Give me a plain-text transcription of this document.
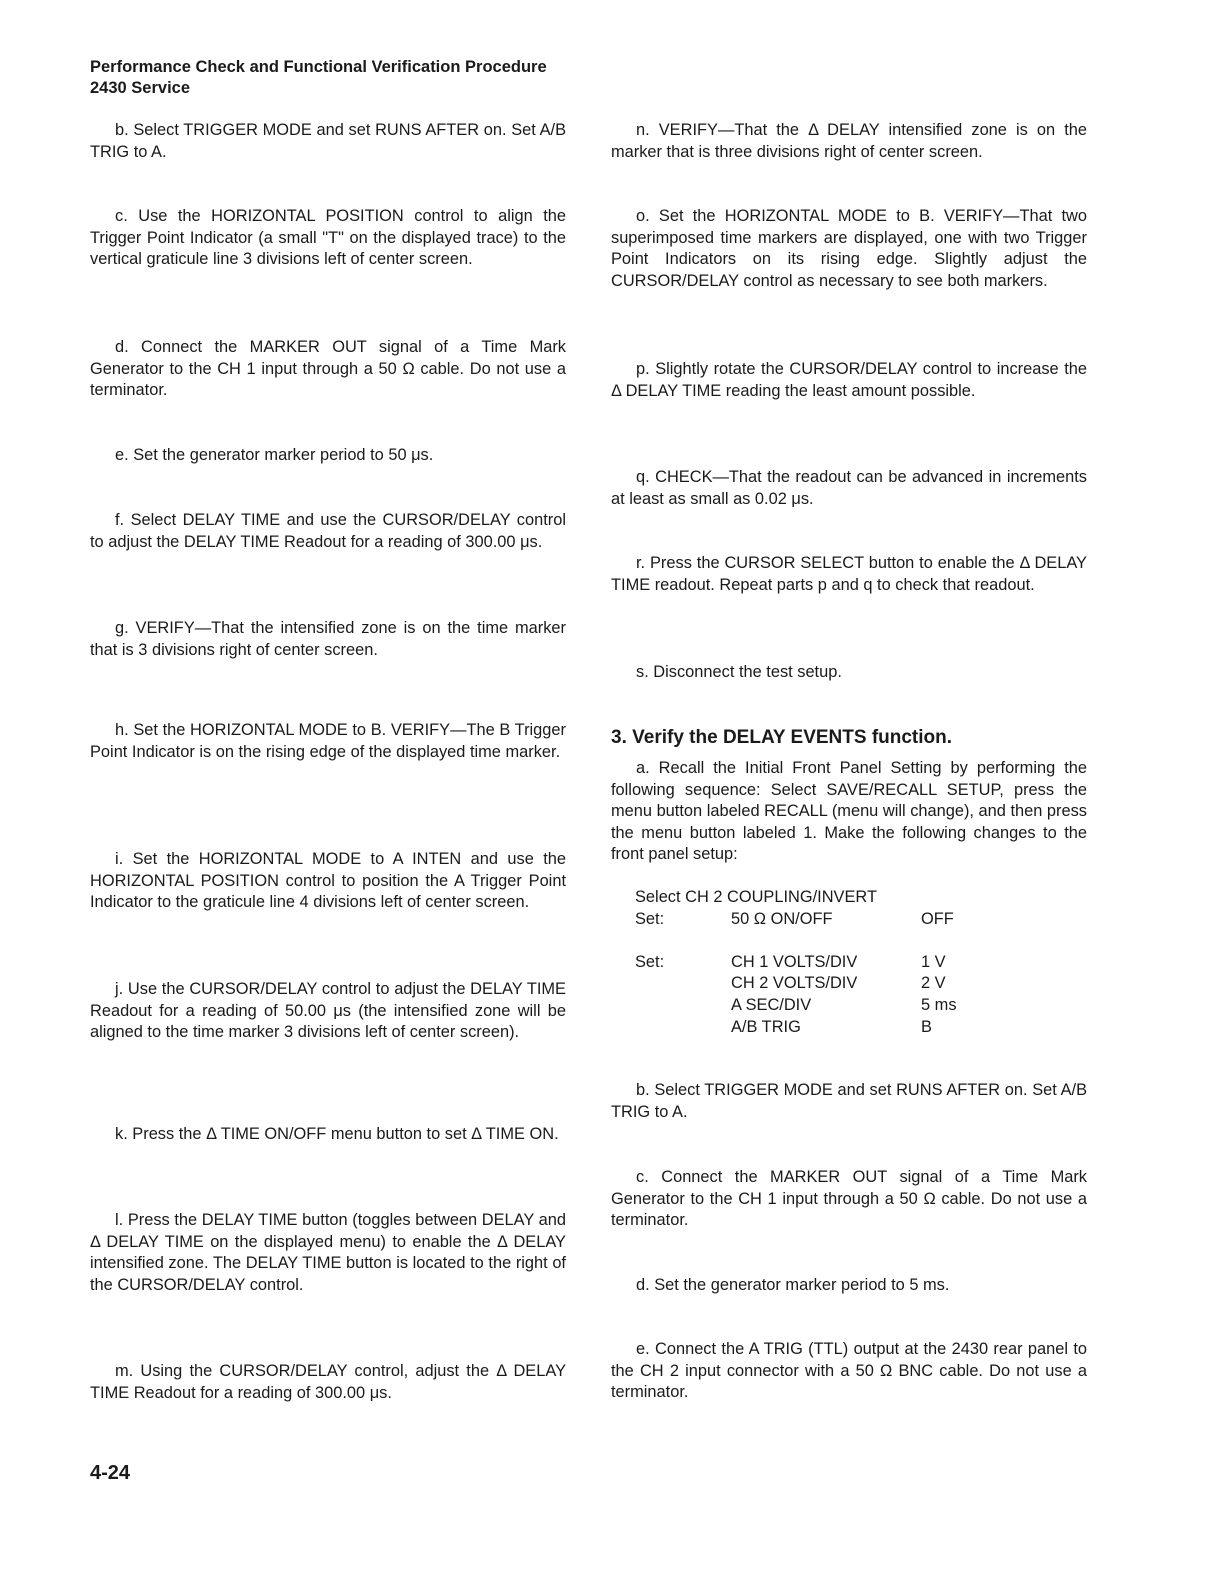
Performance Check and Functional Verification Procedure
2430 Service

b. Select TRIGGER MODE and set RUNS AFTER on. Set A/B TRIG to A.

c. Use the HORIZONTAL POSITION control to align the Trigger Point Indicator (a small "T" on the displayed trace) to the vertical graticule line 3 divisions left of center screen.

d. Connect the MARKER OUT signal of a Time Mark Generator to the CH 1 input through a 50 Ω cable. Do not use a terminator.

e. Set the generator marker period to 50 μs.

f. Select DELAY TIME and use the CURSOR/DELAY control to adjust the DELAY TIME Readout for a reading of 300.00 μs.

g. VERIFY—That the intensified zone is on the time marker that is 3 divisions right of center screen.

h. Set the HORIZONTAL MODE to B. VERIFY—The B Trigger Point Indicator is on the rising edge of the displayed time marker.

i. Set the HORIZONTAL MODE to A INTEN and use the HORIZONTAL POSITION control to position the A Trigger Point Indicator to the graticule line 4 divisions left of center screen.

j. Use the CURSOR/DELAY control to adjust the DELAY TIME Readout for a reading of 50.00 μs (the intensified zone will be aligned to the time marker 3 divisions left of center screen).

k. Press the Δ TIME ON/OFF menu button to set Δ TIME ON.

l. Press the DELAY TIME button (toggles between DELAY and Δ DELAY TIME on the displayed menu) to enable the Δ DELAY intensified zone. The DELAY TIME button is located to the right of the CURSOR/DELAY control.

m. Using the CURSOR/DELAY control, adjust the Δ DELAY TIME Readout for a reading of 300.00 μs.

n. VERIFY—That the Δ DELAY intensified zone is on the marker that is three divisions right of center screen.

o. Set the HORIZONTAL MODE to B. VERIFY—That two superimposed time markers are displayed, one with two Trigger Point Indicators on its rising edge. Slightly adjust the CURSOR/DELAY control as necessary to see both markers.

p. Slightly rotate the CURSOR/DELAY control to increase the Δ DELAY TIME reading the least amount possible.

q. CHECK—That the readout can be advanced in increments at least as small as 0.02 μs.

r. Press the CURSOR SELECT button to enable the Δ DELAY TIME readout. Repeat parts p and q to check that readout.

s. Disconnect the test setup.

3. Verify the DELAY EVENTS function.

a. Recall the Initial Front Panel Setting by performing the following sequence: Select SAVE/RECALL SETUP, press the menu button labeled RECALL (menu will change), and then press the menu button labeled 1. Make the following changes to the front panel setup:

Select CH 2 COUPLING/INVERT
Set:	50 Ω ON/OFF	OFF
Set:	CH 1 VOLTS/DIV	1 V
CH 2 VOLTS/DIV	2 V
A SEC/DIV	5 ms
A/B TRIG	B

b. Select TRIGGER MODE and set RUNS AFTER on. Set A/B TRIG to A.

c. Connect the MARKER OUT signal of a Time Mark Generator to the CH 1 input through a 50 Ω cable. Do not use a terminator.

d. Set the generator marker period to 5 ms.

e. Connect the A TRIG (TTL) output at the 2430 rear panel to the CH 2 input connector with a 50 Ω BNC cable. Do not use a terminator.

4-24
